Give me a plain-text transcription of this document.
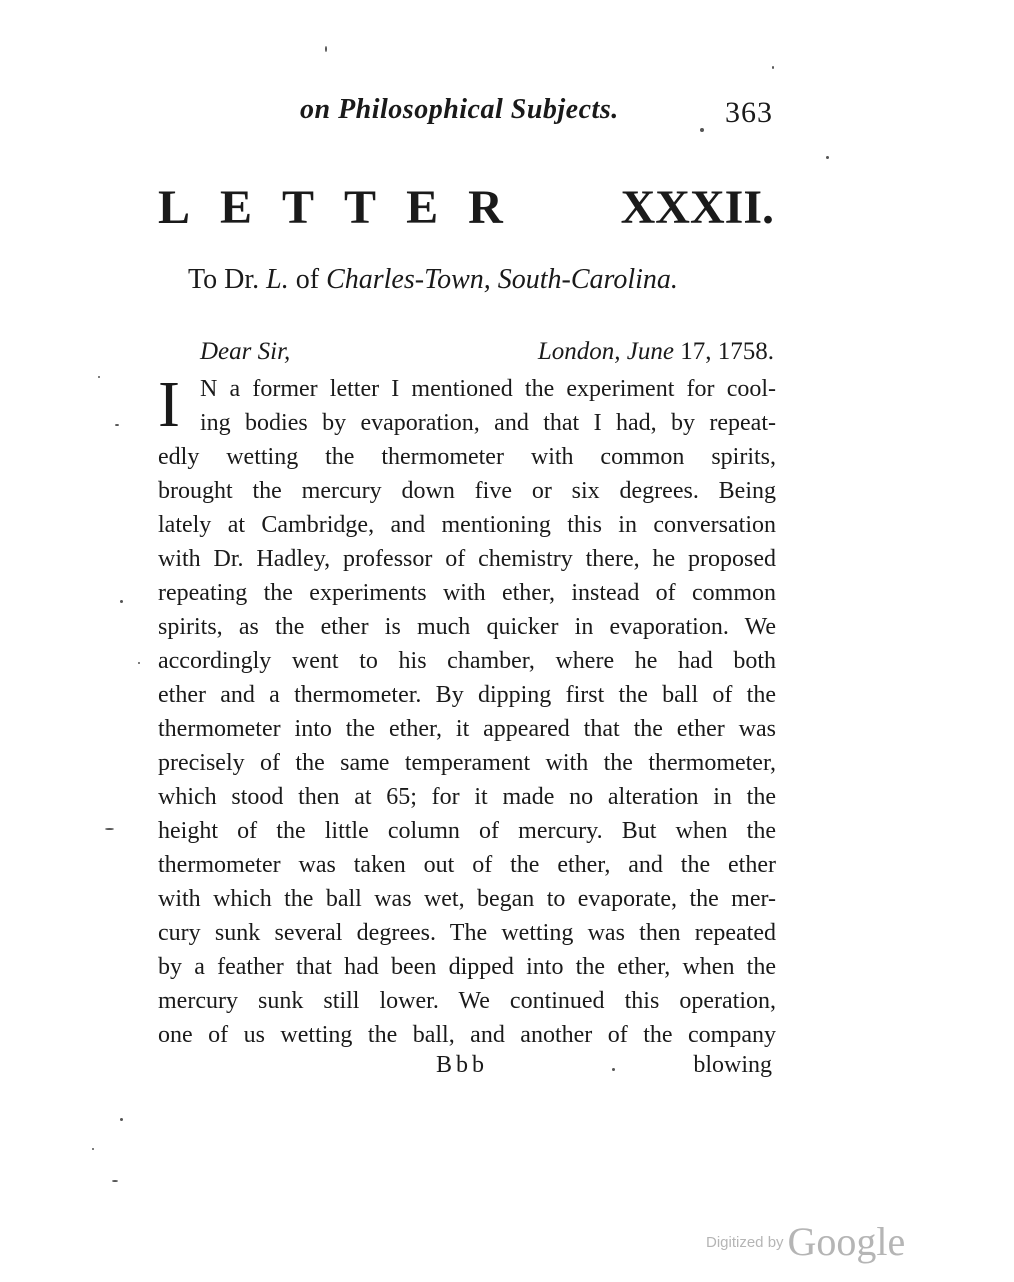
on Philosophical Subjects.	363
LETTER XXXII.
To Dr. L. of Charles-Town, South-Carolina.
Dear Sir,	London, June 17, 1758.
I N a former letter I mentioned the experiment for cool-
ing bodies by evaporation, and that I had, by repeat-
edly wetting the thermometer with common spirits,
brought the mercury down five or six degrees. Being
lately at Cambridge, and mentioning this in conversation
with Dr. Hadley, professor of chemistry there, he proposed
repeating the experiments with ether, instead of common
spirits, as the ether is much quicker in evaporation. We
accordingly went to his chamber, where he had both
ether and a thermometer. By dipping first the ball of the
thermometer into the ether, it appeared that the ether was
precisely of the same temperament with the thermometer,
which stood then at 65; for it made no alteration in the
height of the little column of mercury. But when the
thermometer was taken out of the ether, and the ether
with which the ball was wet, began to evaporate, the mer-
cury sunk several degrees. The wetting was then repeated
by a feather that had been dipped into the ether, when the
mercury sunk still lower. We continued this operation,
one of us wetting the ball, and another of the company
Bbb	blowing
Digitized by Google
